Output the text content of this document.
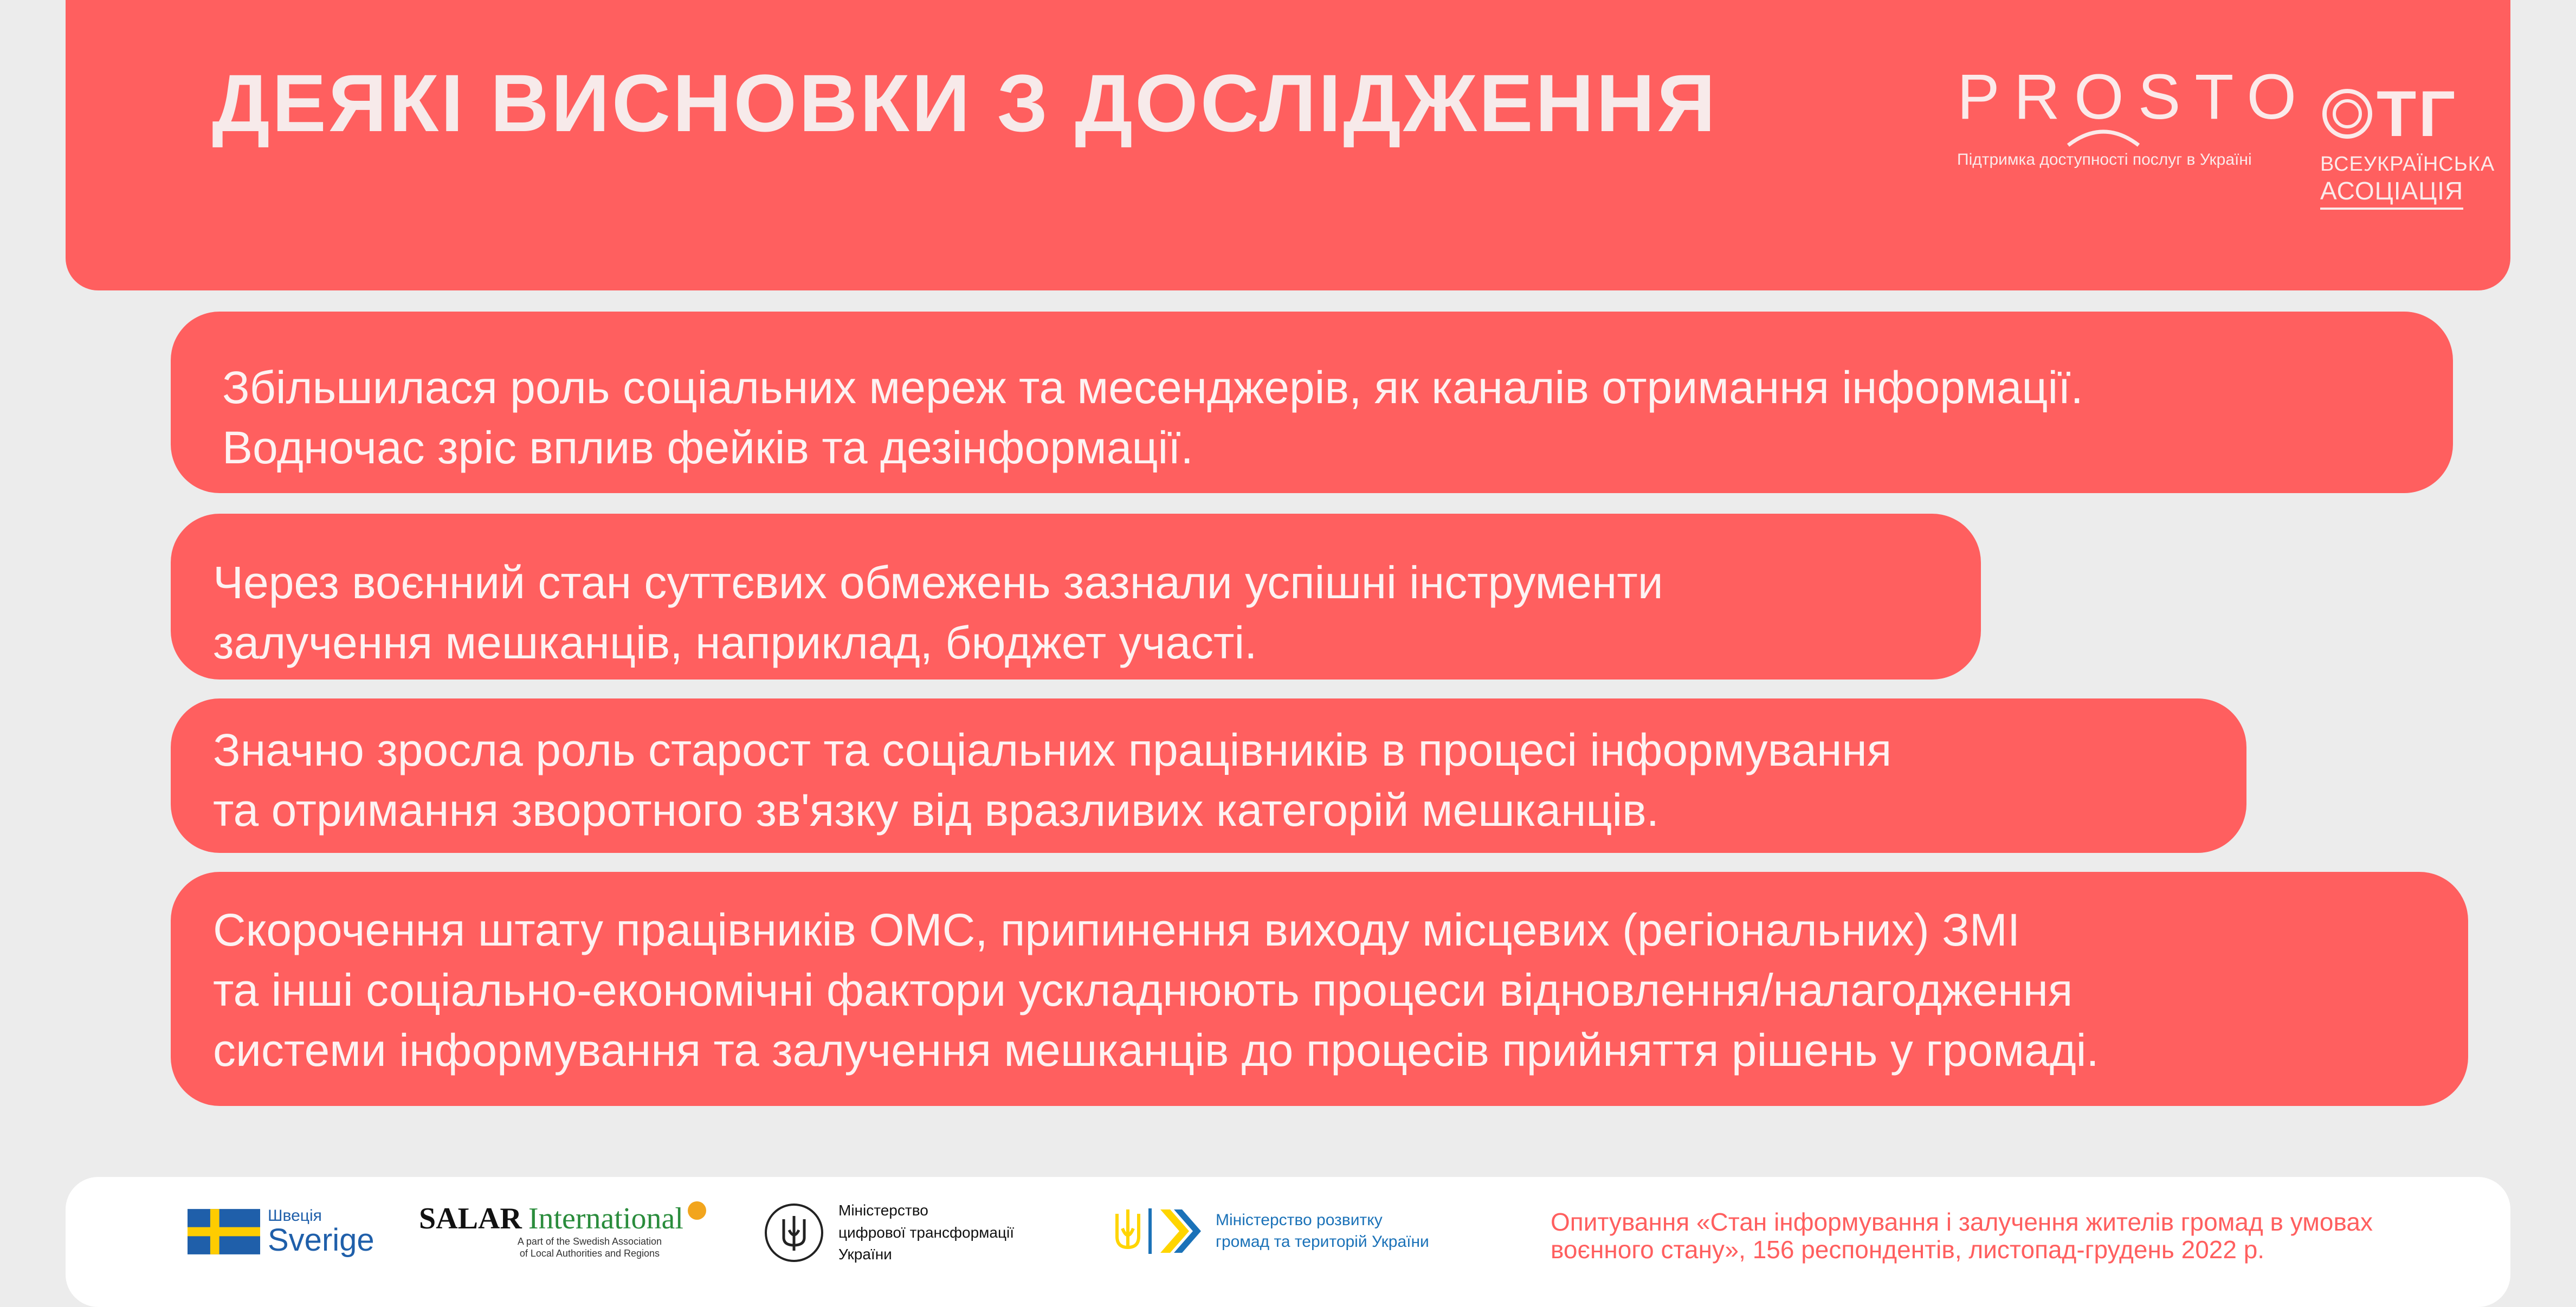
ДЕЯКІ ВИСНОВКИ З ДОСЛІДЖЕННЯ	PROSTO
Підтримка доступності послуг в Україні
ТГ
ВСЕУКРАЇНСЬКА
АСОЦІАЦІЯ
Збільшилася роль соціальних мереж та месенджерів, як каналів отримання інформації.
Водночас зріс вплив фейків та дезінформації.
Через воєнний стан суттєвих обмежень зазнали успішні інструменти
залучення мешканців, наприклад, бюджет участі.
Значно зросла роль старост та соціальних працівників в процесі інформування
та отримання зворотного зв'язку від вразливих категорій мешканців.
Скорочення штату працівників ОМС, припинення виходу місцевих (регіональних) ЗМІ
та інші соціально-економічні фактори ускладнюють процеси відновлення/налагодження
системи інформування та залучення мешканців до процесів прийняття рішень у громаді.
Швеція
Sverige
SALAR International
A part of the Swedish Association
of Local Authorities and Regions
Міністерство
цифрової трансформації
України
Міністерство розвитку
громад та територій України
Опитування «Стан інформування і залучення жителів громад в умовах
воєнного стану», 156 респондентів, листопад-грудень 2022 р.
